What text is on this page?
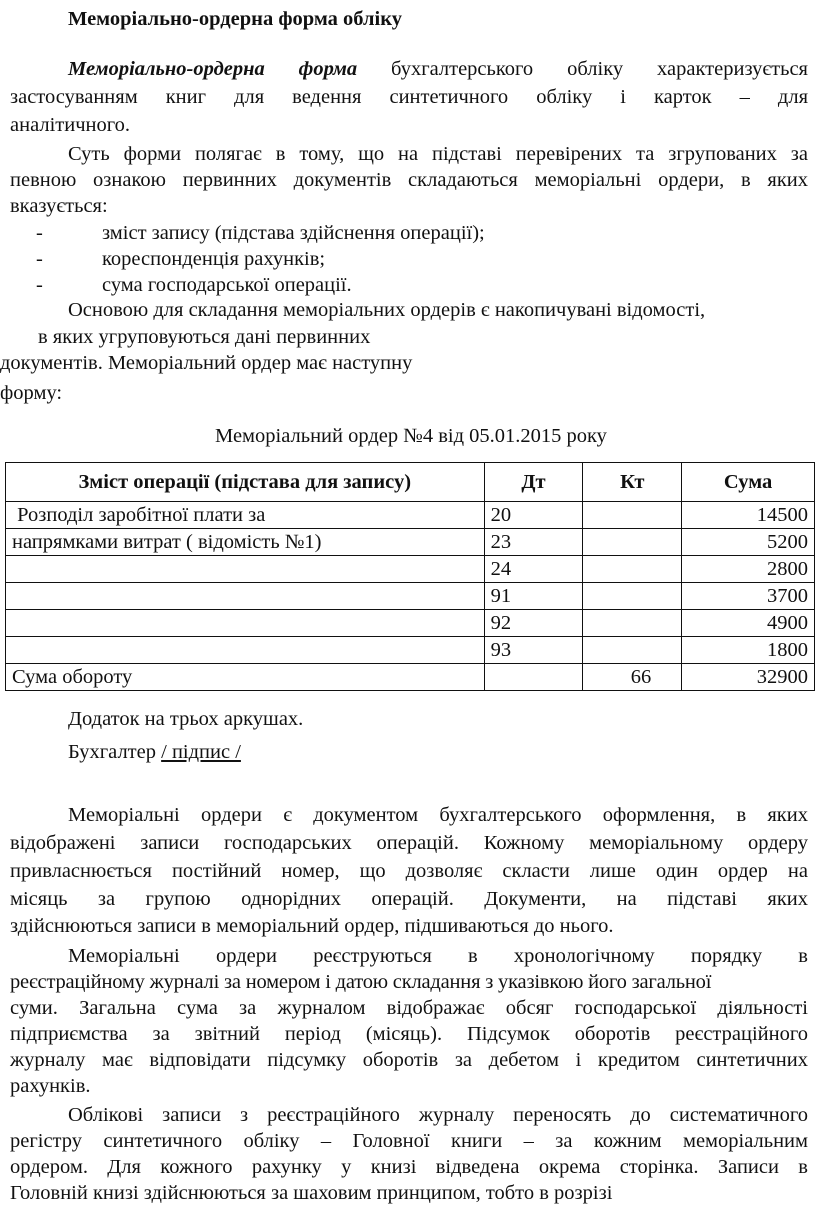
Меморіально-ордерна форма обліку
Меморіально-ордерна форма бухгалтерського обліку характеризується
застосуванням книг для ведення синтетичного обліку і карток – для
аналітичного.
Суть форми полягає в тому, що на підставі перевірених та згрупованих за
певною ознакою первинних документів складаються меморіальні ордери, в яких
вказується:
-	зміст запису (підстава здійснення операції);
-	кореспонденція рахунків;
-	сума господарської операції.
Основою для складання меморіальних ордерів є накопичувані відомості,
в яких угруповуються дані первинних
документів. Меморіальний ордер має наступну
форму:
Меморіальний ордер №4 від 05.01.2015 року
Зміст операції (підстава для запису)	Дт	Кт	Сума
Розподіл заробітної плати за	20		14500
напрямками витрат ( відомість №1)	23		5200
	24		2800
	91		3700
	92		4900
	93		1800
Сума обороту		66	32900
Додаток на трьох аркушах.
Бухгалтер / підпис /
Меморіальні ордери є документом бухгалтерського оформлення, в яких
відображені записи господарських операцій. Кожному меморіальному ордеру
привласнюється постійний номер, що дозволяє скласти лише один ордер на
місяць за групою однорідних операцій. Документи, на підставі яких
здійснюються записи в меморіальний ордер, підшиваються до нього.
Меморіальні ордери реєструються в хронологічному порядку в
реєстраційному журналі за номером і датою складання з указівкою його загальної
суми. Загальна сума за журналом відображає обсяг господарської діяльності
підприємства за звітний період (місяць). Підсумок оборотів реєстраційного
журналу має відповідати підсумку оборотів за дебетом і кредитом синтетичних
рахунків.
Облікові записи з реєстраційного журналу переносять до систематичного
регістру синтетичного обліку – Головної книги – за кожним меморіальним
ордером. Для кожного рахунку у книзі відведена окрема сторінка. Записи в
Головній книзі здійснюються за шаховим принципом, тобто в розрізі
